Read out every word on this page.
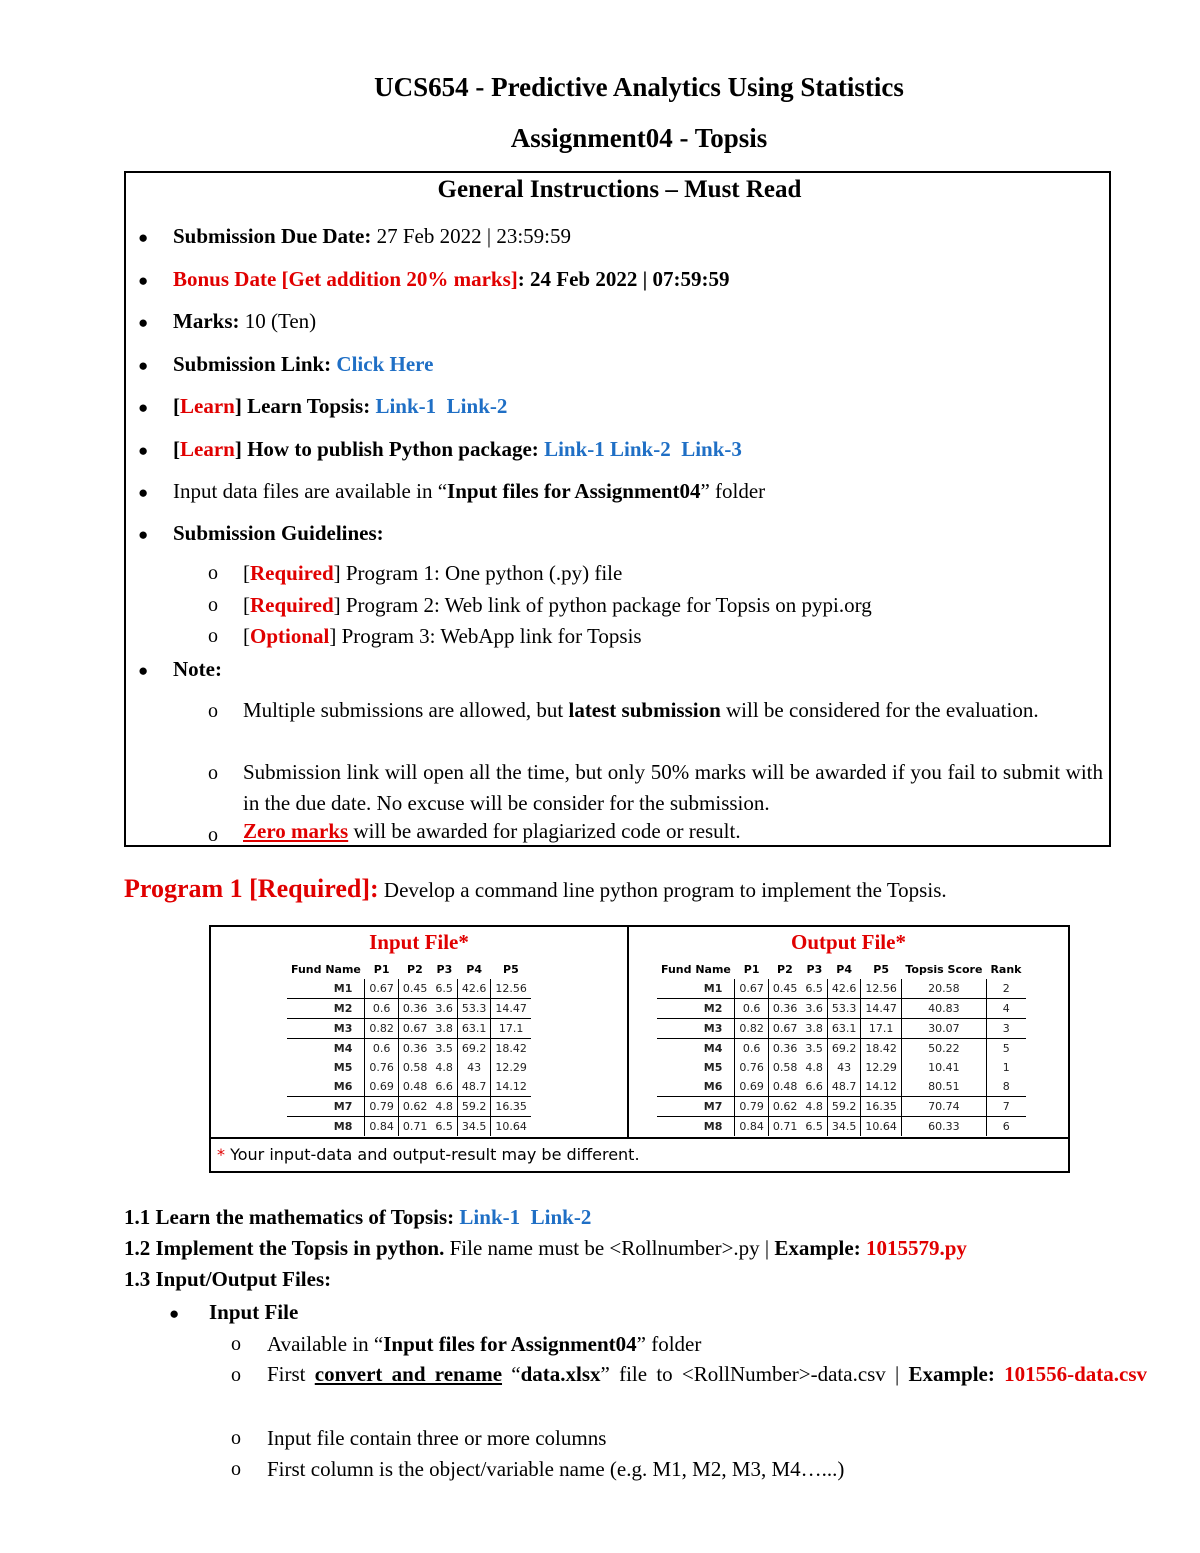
UCS654 - Predictive Analytics Using Statistics
Assignment04 - Topsis
General Instructions – Must Read
● Submission Due Date: 27 Feb 2022 | 23:59:59
● Bonus Date [Get addition 20% marks]: 24 Feb 2022 | 07:59:59
● Marks: 10 (Ten)
● Submission Link: Click Here
● [Learn] Learn Topsis: Link-1 Link-2
● [Learn] How to publish Python package: Link-1 Link-2 Link-3
● Input data files are available in “Input files for Assignment04” folder
● Submission Guidelines:
o [Required] Program 1: One python (.py) file
o [Required] Program 2: Web link of python package for Topsis on pypi.org
o [Optional] Program 3: WebApp link for Topsis
● Note:
o Multiple submissions are allowed, but latest submission will be considered for the evaluation.
o Submission link will open all the time, but only 50% marks will be awarded if you fail to submit with in the due date. No excuse will be consider for the submission.
o Zero marks will be awarded for plagiarized code or result.
Program 1 [Required]: Develop a command line python program to implement the Topsis.
Input File*	Output File*
Fund Name	P1	P2	P3	P4	P5
M1	0.67	0.45	6.5	42.6	12.56
M2	0.6	0.36	3.6	53.3	14.47
M3	0.82	0.67	3.8	63.1	17.1
M4	0.6	0.36	3.5	69.2	18.42
M5	0.76	0.58	4.8	43	12.29
M6	0.69	0.48	6.6	48.7	14.12
M7	0.79	0.62	4.8	59.2	16.35
M8	0.84	0.71	6.5	34.5	10.64
Fund Name	P1	P2	P3	P4	P5	Topsis Score	Rank
M1	0.67	0.45	6.5	42.6	12.56	20.58	2
M2	0.6	0.36	3.6	53.3	14.47	40.83	4
M3	0.82	0.67	3.8	63.1	17.1	30.07	3
M4	0.6	0.36	3.5	69.2	18.42	50.22	5
M5	0.76	0.58	4.8	43	12.29	10.41	1
M6	0.69	0.48	6.6	48.7	14.12	80.51	8
M7	0.79	0.62	4.8	59.2	16.35	70.74	7
M8	0.84	0.71	6.5	34.5	10.64	60.33	6
* Your input-data and output-result may be different.
1.1 Learn the mathematics of Topsis: Link-1 Link-2
1.2 Implement the Topsis in python. File name must be <Rollnumber>.py | Example: 1015579.py
1.3 Input/Output Files:
● Input File
o Available in “Input files for Assignment04” folder
o First convert and rename “data.xlsx” file to <RollNumber>-data.csv | Example: 101556-data.csv
o Input file contain three or more columns
o First column is the object/variable name (e.g. M1, M2, M3, M4…...)
